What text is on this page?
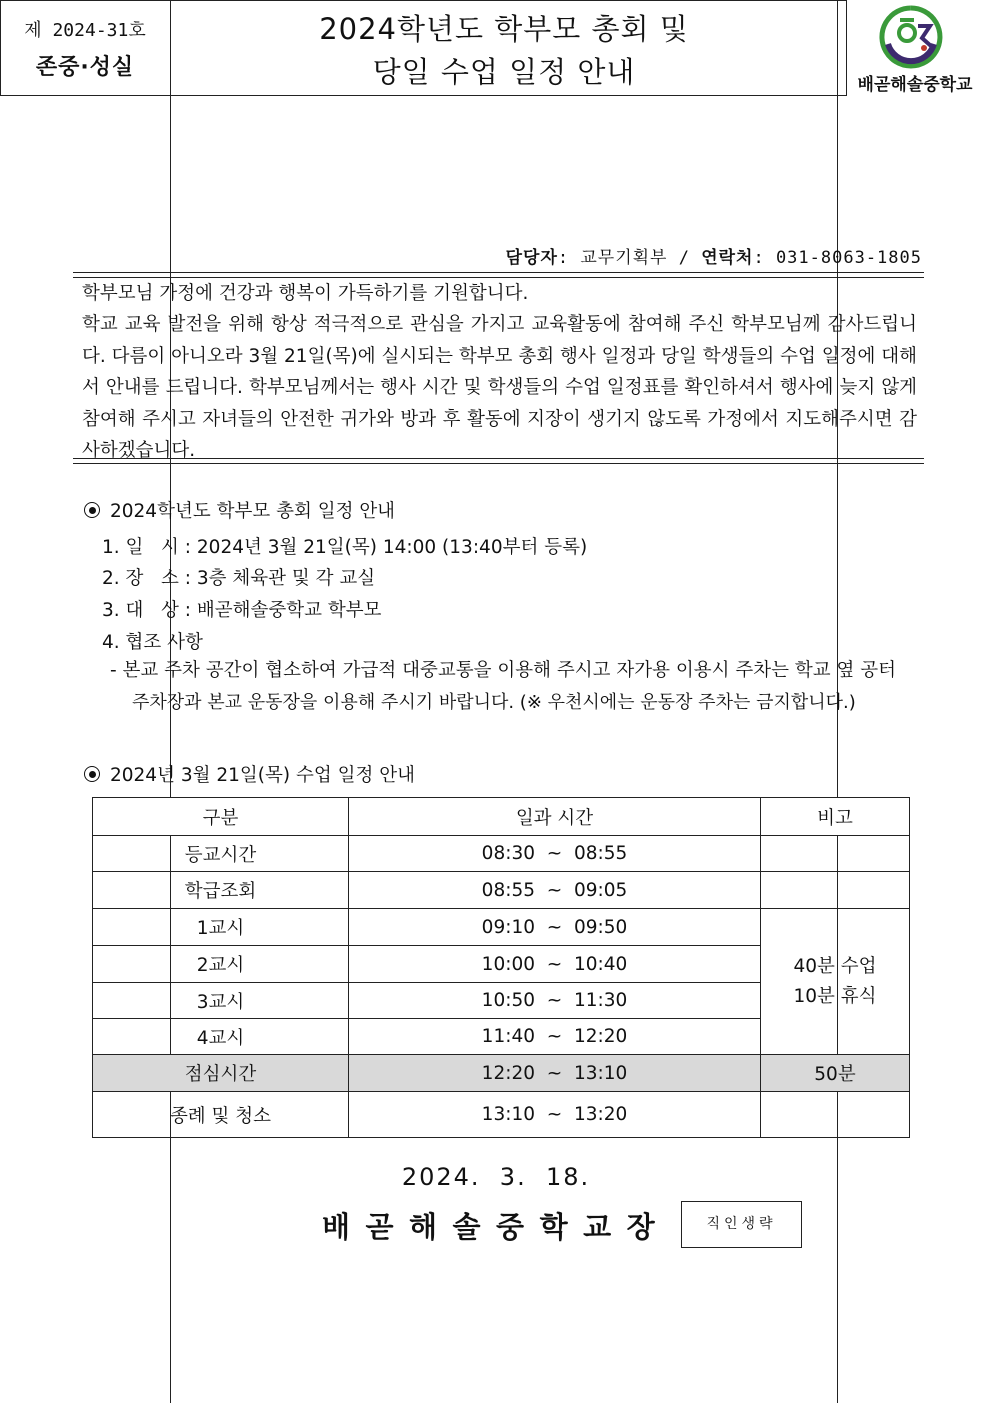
제 2024-31호
존중·성실
2024학년도 학부모 총회 및
당일 수업 일정 안내	배곧해솔중학교
담당자: 교무기획부 / 연락처: 031-8063-1805

학부모님 가정에 건강과 행복이 가득하기를 기원합니다.

학교 교육 발전을 위해 항상 적극적으로 관심을 가지고 교육활동에 참여해 주신 학부모님께 감사드립니다. 다름이 아니오라 3월 21일(목)에 실시되는 학부모 총회 행사 일정과 당일 학생들의 수업 일정에 대해서 안내를 드립니다. 학부모님께서는 행사 시간 및 학생들의 수업 일정표를 확인하셔서 행사에 늦지 않게 참여해 주시고 자녀들의 안전한 귀가와 방과 후 활동에 지장이 생기지 않도록 가정에서 지도해주시면 감사하겠습니다.

2024학년도 학부모 총회 일정 안내
1. 일   시 : 2024년 3월 21일(목) 14:00 (13:40부터 등록)
2. 장   소 : 3층 체육관 및 각 교실
3. 대   상 : 배곧해솔중학교 학부모
4. 협조 사항
- 본교 주차 공간이 협소하여 가급적 대중교통을 이용해 주시고 자가용 이용시 주차는 학교 옆 공터
주차장과 본교 운동장을 이용해 주시기 바랍니다. (※ 우천시에는 운동장 주차는 금지합니다.)
2024년 3월 21일(목) 수업 일정 안내
구분	일과 시간	비고
등교시간	08:30  ~  08:55	
학급조회	08:55  ~  09:05	
1교시	09:10  ~  09:50	40분 수업
10분 휴식

2교시	10:00  ~  10:40	
3교시	10:50  ~  11:30	
4교시	11:40  ~  12:20	
점심시간	12:20  ~  13:10	50분
종례 및 청소	13:10  ~  13:20	
2024.  3.  18.
배곧해솔중학교장	직인생략
